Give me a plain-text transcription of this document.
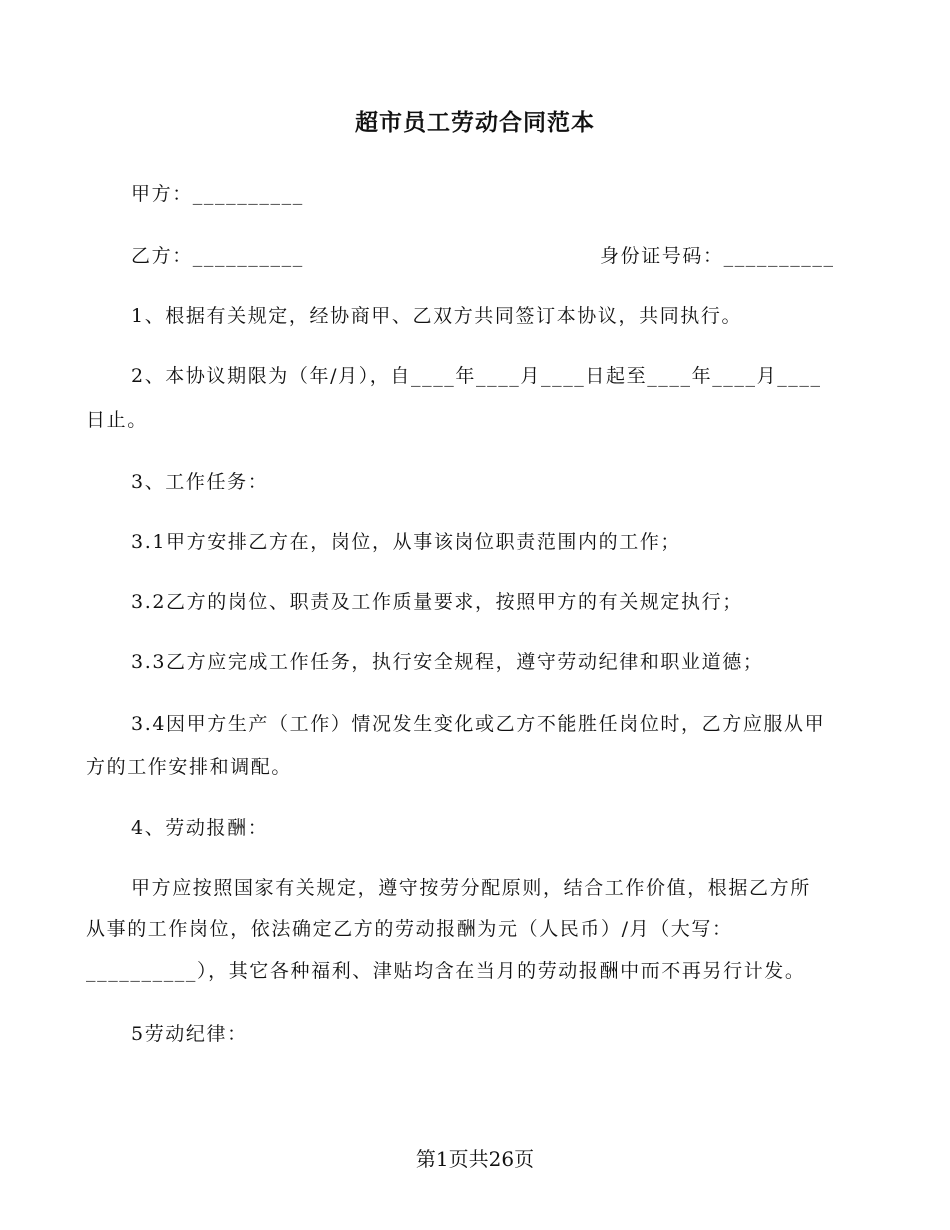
超市员工劳动合同范本
甲方：__________
乙方：__________	身份证号码：__________
1、根据有关规定，经协商甲、乙双方共同签订本协议，共同执行。
2、本协议期限为（年/月），自____年____月____日起至____年____月____
日止。
3、工作任务：
3.1甲方安排乙方在，岗位，从事该岗位职责范围内的工作；
3.2乙方的岗位、职责及工作质量要求，按照甲方的有关规定执行；
3.3乙方应完成工作任务，执行安全规程，遵守劳动纪律和职业道德；
3.4因甲方生产（工作）情况发生变化或乙方不能胜任岗位时，乙方应服从甲
方的工作安排和调配。
4、劳动报酬：
甲方应按照国家有关规定，遵守按劳分配原则，结合工作价值，根据乙方所
从事的工作岗位，依法确定乙方的劳动报酬为元（人民币）/月（大写：
__________），其它各种福利、津贴均含在当月的劳动报酬中而不再另行计发。
5劳动纪律：
第1页共26页
